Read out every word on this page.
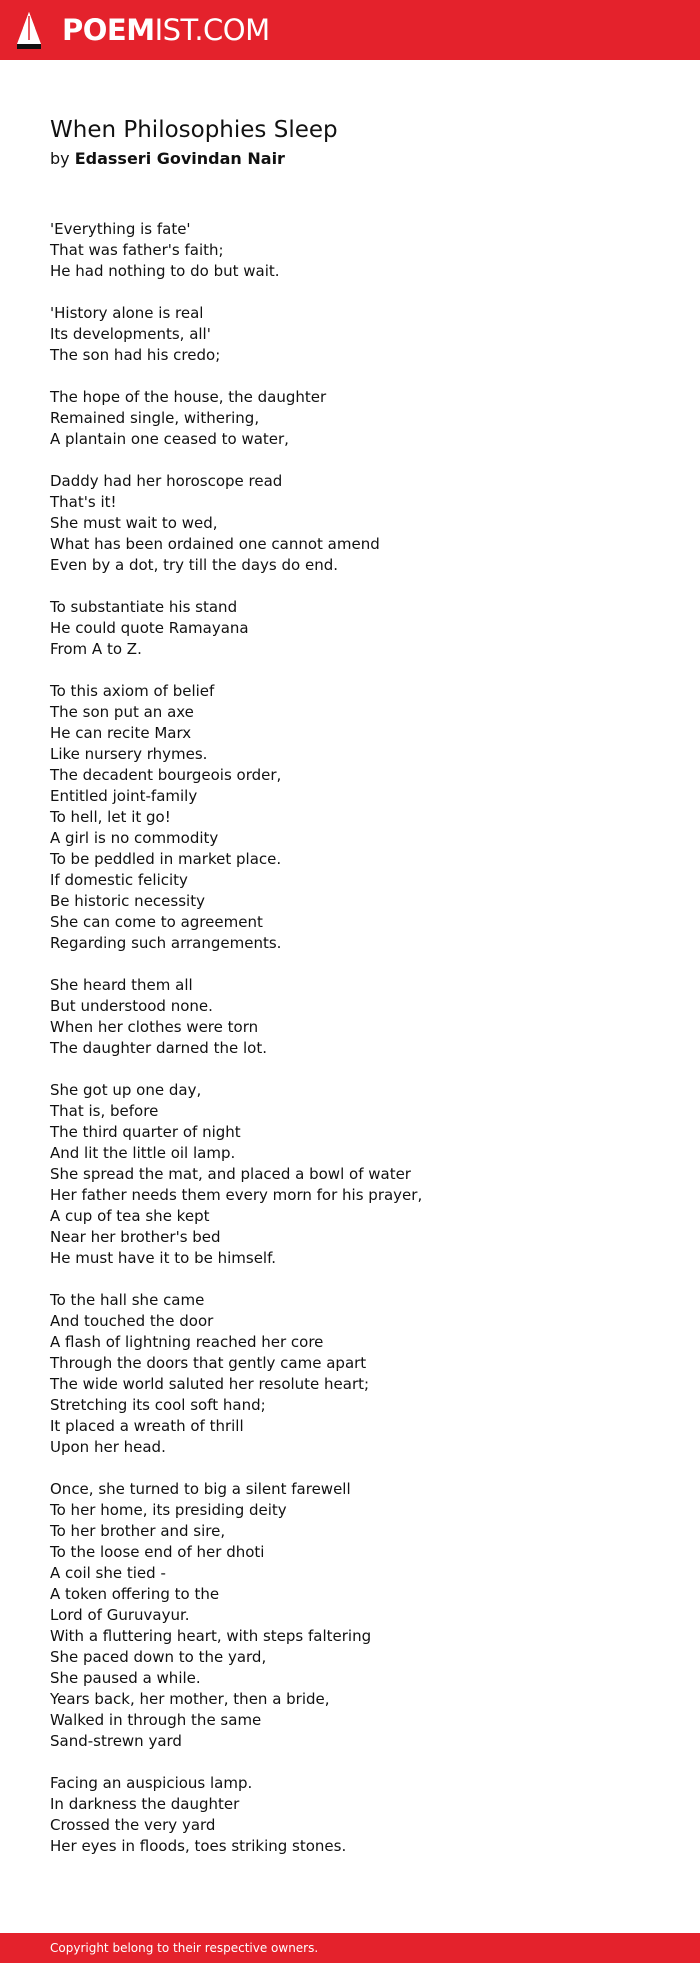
POEMIST.COM
When Philosophies Sleep
by Edasseri Govindan Nair
'Everything is fate'
That was father's faith;
He had nothing to do but wait.
'History alone is real
Its developments, all'
The son had his credo;
The hope of the house, the daughter
Remained single, withering,
A plantain one ceased to water,
Daddy had her horoscope read
That's it!
She must wait to wed,
What has been ordained one cannot amend
Even by a dot, try till the days do end.
To substantiate his stand
He could quote Ramayana
From A to Z.
To this axiom of belief
The son put an axe
He can recite Marx
Like nursery rhymes.
The decadent bourgeois order,
Entitled joint-family
To hell, let it go!
A girl is no commodity
To be peddled in market place.
If domestic felicity
Be historic necessity
She can come to agreement
Regarding such arrangements.
She heard them all
But understood none.
When her clothes were torn
The daughter darned the lot.
She got up one day,
That is, before
The third quarter of night
And lit the little oil lamp.
She spread the mat, and placed a bowl of water
Her father needs them every morn for his prayer,
A cup of tea she kept
Near her brother's bed
He must have it to be himself.
To the hall she came
And touched the door
A flash of lightning reached her core
Through the doors that gently came apart
The wide world saluted her resolute heart;
Stretching its cool soft hand;
It placed a wreath of thrill
Upon her head.
Once, she turned to big a silent farewell
To her home, its presiding deity
To her brother and sire,
To the loose end of her dhoti
A coil she tied -
A token offering to the
Lord of Guruvayur.
With a fluttering heart, with steps faltering
She paced down to the yard,
She paused a while.
Years back, her mother, then a bride,
Walked in through the same
Sand-strewn yard
Facing an auspicious lamp.
In darkness the daughter
Crossed the very yard
Her eyes in floods, toes striking stones.
Copyright belong to their respective owners.
